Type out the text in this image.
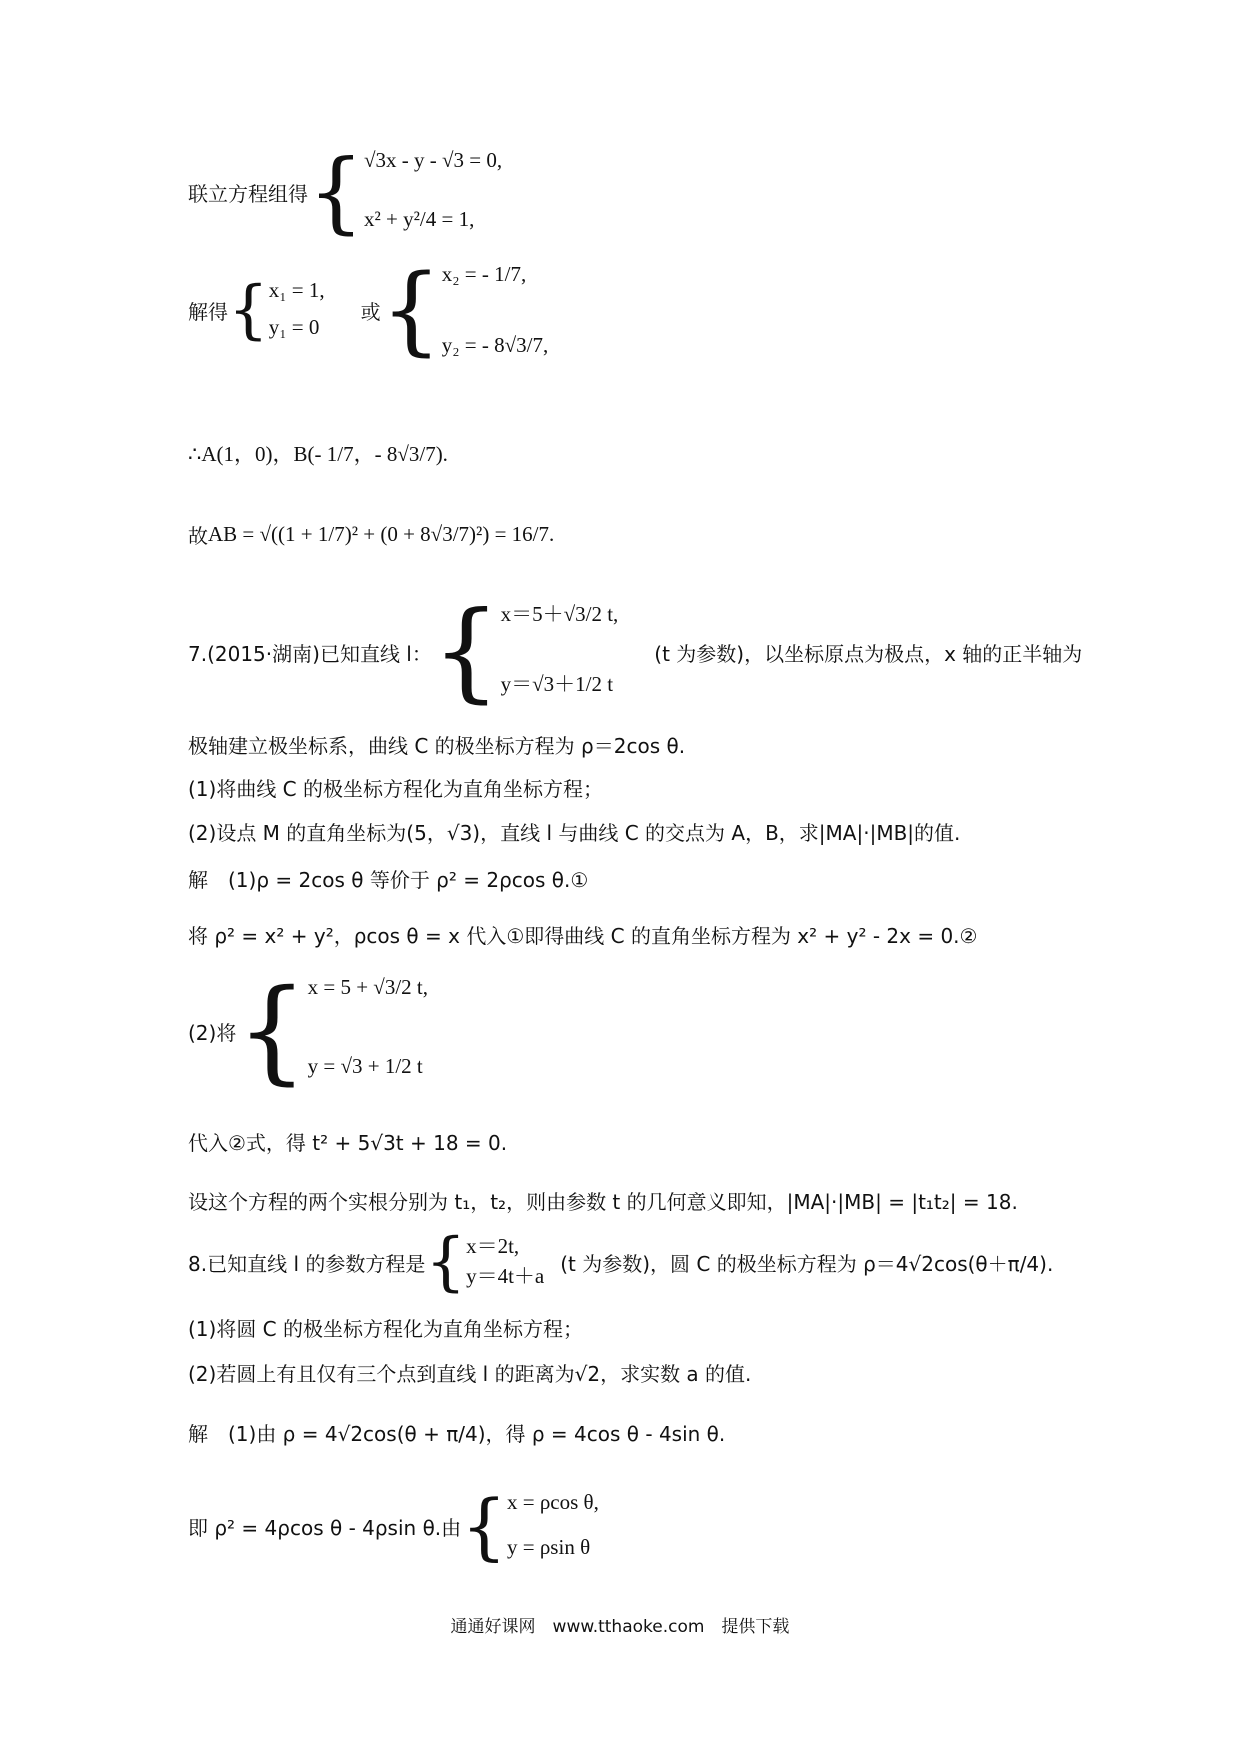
联立方程组得 { √3x - y - √3 = 0,
x² + y²/4 = 1,
解得 { x₁ = 1,
y₁ = 0
或 { x₂ = - 1/7,
y₂ = - 8√3/7,
∴A(1，0)，B(- 1/7，- 8√3/7).
故 AB = √((1 + 1/7)² + (0 + 8√3/7)²) = 16/7.
7.(2015·湖南)已知直线 l： { x＝5＋√3/2 t,
y＝√3＋1/2 t
(t 为参数)，以坐标原点为极点，x 轴的正半轴为
极轴建立极坐标系，曲线 C 的极坐标方程为 ρ＝2cos θ.
(1)将曲线 C 的极坐标方程化为直角坐标方程；
(2)设点 M 的直角坐标为(5，√3)，直线 l 与曲线 C 的交点为 A，B，求|MA|·|MB|的值.
解　(1)ρ = 2cos θ 等价于 ρ² = 2ρcos θ.①
将 ρ² = x² + y²，ρcos θ = x 代入①即得曲线 C 的直角坐标方程为 x² + y² - 2x = 0.②
(2)将 { x = 5 + √3/2 t,
y = √3 + 1/2 t
代入②式，得 t² + 5√3t + 18 = 0.
设这个方程的两个实根分别为 t₁，t₂，则由参数 t 的几何意义即知，|MA|·|MB| = |t₁t₂| = 18.
8.已知直线 l 的参数方程是 { x＝2t,
y＝4t＋a
(t 为参数)，圆 C 的极坐标方程为 ρ＝4√2cos(θ＋π/4).
(1)将圆 C 的极坐标方程化为直角坐标方程；
(2)若圆上有且仅有三个点到直线 l 的距离为√2，求实数 a 的值.
解　(1)由 ρ = 4√2cos(θ + π/4)，得 ρ = 4cos θ - 4sin θ.
即 ρ² = 4ρcos θ - 4ρsin θ.由 { x = ρcos θ,
y = ρsin θ
通通好课网　www.tthaoke.com　提供下载
